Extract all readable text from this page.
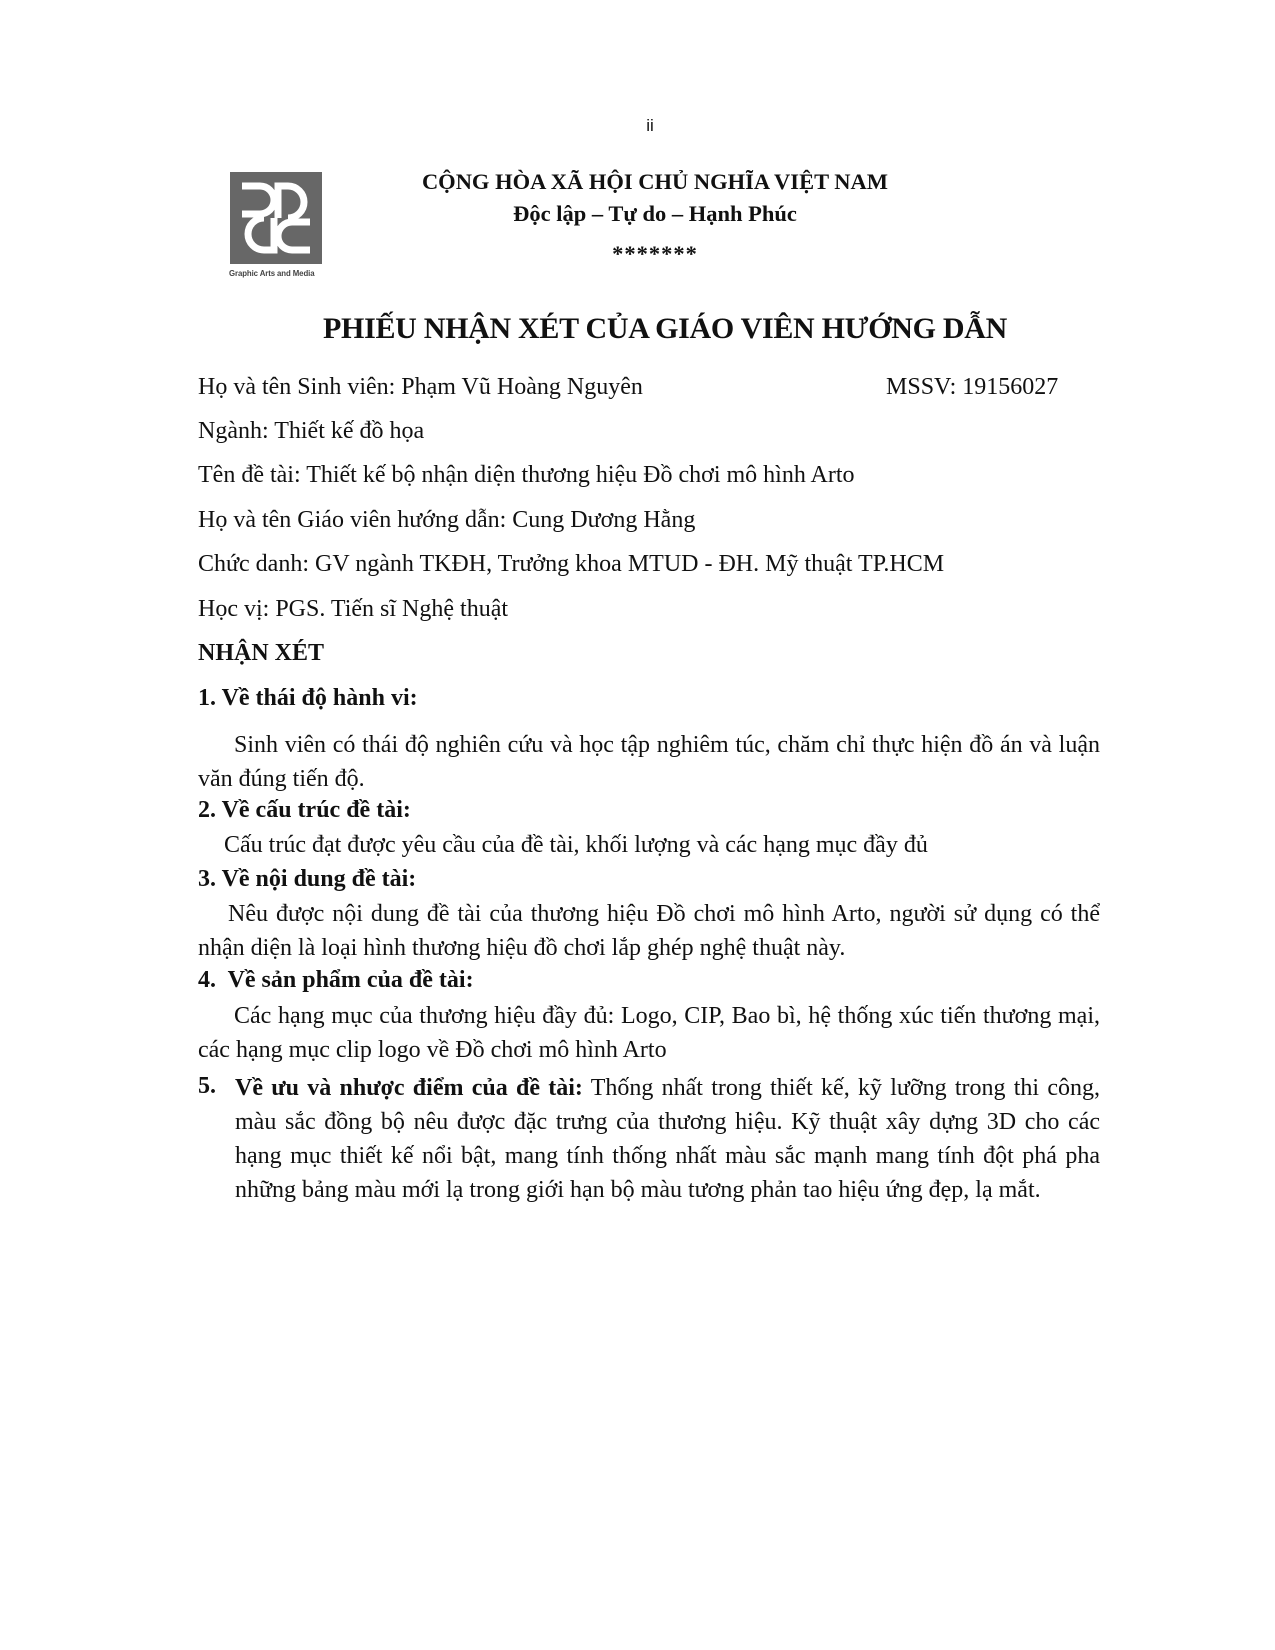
ii
Graphic Arts and Media
CỘNG HÒA XÃ HỘI CHỦ NGHĨA VIỆT NAM
Độc lập – Tự do – Hạnh Phúc
*******
PHIẾU NHẬN XÉT CỦA GIÁO VIÊN HƯỚNG DẪN
Họ và tên Sinh viên: Phạm Vũ Hoàng Nguyên	MSSV: 19156027
Ngành: Thiết kế đồ họa
Tên đề tài: Thiết kế bộ nhận diện thương hiệu Đồ chơi mô hình Arto
Họ và tên Giáo viên hướng dẫn: Cung Dương Hằng
Chức danh: GV ngành TKĐH, Trưởng khoa MTUD - ĐH. Mỹ thuật TP.HCM
Học vị: PGS. Tiến sĩ Nghệ thuật
NHẬN XÉT
1. Về thái độ hành vi:
Sinh viên có thái độ nghiên cứu và học tập nghiêm túc, chăm chỉ thực hiện đồ án và luận văn đúng tiến độ.
2. Về cấu trúc đề tài:
Cấu trúc đạt được yêu cầu của đề tài, khối lượng và các hạng mục đầy đủ
3. Về nội dung đề tài:
Nêu được nội dung đề tài của thương hiệu Đồ chơi mô hình Arto, người sử dụng có thể nhận diện là loại hình thương hiệu đồ chơi lắp ghép nghệ thuật này.
4.  Về sản phẩm của đề tài:
Các hạng mục của thương hiệu đầy đủ: Logo, CIP, Bao bì, hệ thống xúc tiến thương mại, các hạng mục clip logo về Đồ chơi mô hình Arto
5. Về ưu và nhược điểm của đề tài: Thống nhất trong thiết kế, kỹ lưỡng trong thi công, màu sắc đồng bộ nêu được đặc trưng của thương hiệu. Kỹ thuật xây dựng 3D cho các hạng mục thiết kế nổi bật, mang tính thống nhất màu sắc mạnh mang tính đột phá pha những bảng màu mới lạ trong giới hạn bộ màu tương phản tao hiệu ứng đẹp, lạ mắt.
